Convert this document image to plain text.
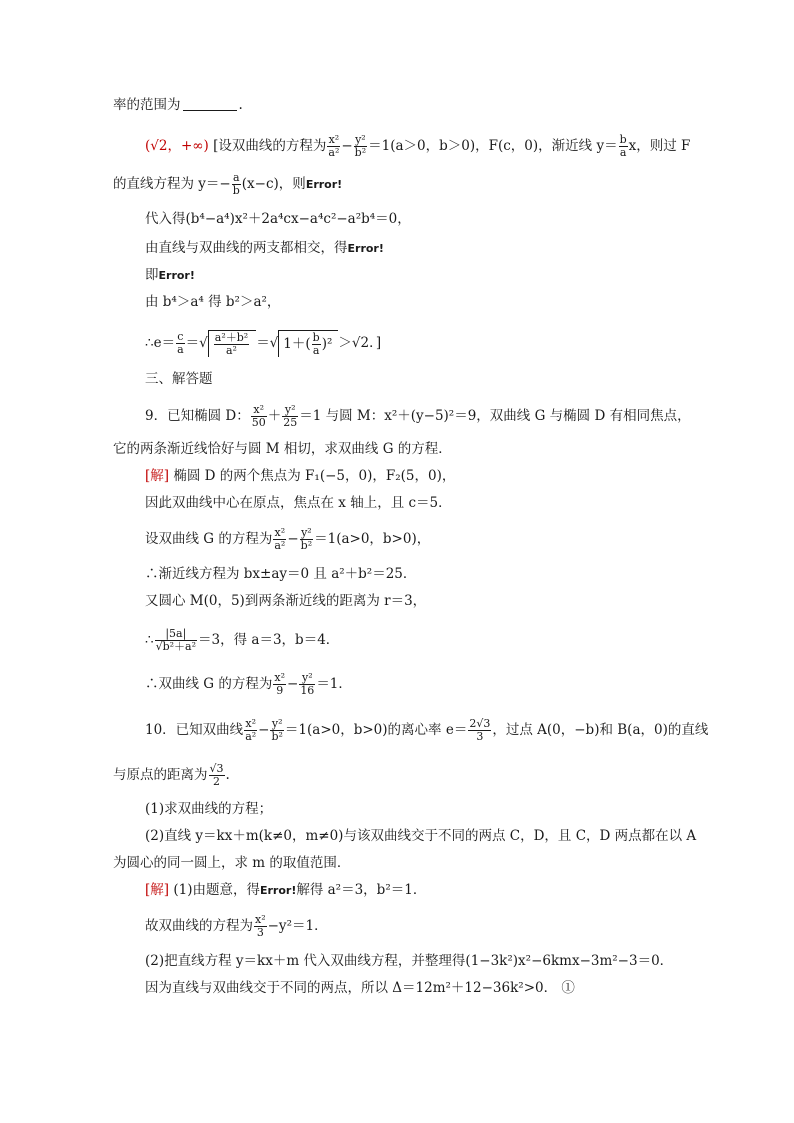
率的范围为	.
(√2，+∞) [设双曲线的方程为 $\frac{\text{x²}}{\text{a²}} - \frac{\text{y²}}{\text{b²}} =1(a>0$，b＞0)，F(c，0)，渐近线 $y= \frac{b}{a}$ x，则过 F
的直线方程为 $y=- \frac{a}{b} (x-c)$，则Error!
代入得(b⁴−a⁴)x²＋2a⁴cx−a⁴c²−a²b⁴＝0，
由直线与双曲线的两支都相交，得Error!
即Error!
由 b⁴＞a⁴ 得 b²＞a²，
∴e＝ $\frac{c}{a}$ ＝√ $\frac{\text{a²＋b²}}{\text{a²}}$ ＝√ $1+( \frac{b}{a} )^2 >√2$．]
三、解答题
9．已知椭圆 D： $\frac{\text{x²}}{50} + \frac{\text{y²}}{25} =1$ 与圆 M：x²＋(y−5)²＝9，双曲线 G 与椭圆 D 有相同焦点，
它的两条渐近线恰好与圆 M 相切，求双曲线 G 的方程．
[解] 椭圆 D 的两个焦点为 F₁(−5，0)，F₂(5，0)，
因此双曲线中心在原点，焦点在 x 轴上，且 c＝5．
设双曲线 G 的方程为 $\frac{\text{x²}}{\text{a²}} - \frac{\text{y²}}{\text{b²}} =1(a>0$，b>0)，
∴渐近线方程为 bx±ay＝0 且 a²＋b²＝25．
又圆心 M(0，5)到两条渐近线的距离为 r＝3，
∴ $\frac{|5a|}{\text{√b²＋a²}} =3$，得 a＝3，b＝4．
∴双曲线 G 的方程为 $\frac{\text{x²}}{9} - \frac{\text{y²}}{16} =1$．
10．已知双曲线 $\frac{\text{x²}}{\text{a²}} - \frac{\text{y²}}{\text{b²}} =1(a>0$，b>0)的离心率 $e= \frac{2√3}{3}$ ，过点 A(0，−b)和 B(a，0)的直线
与原点的距离为 $\frac{√3}{2}$ .
(1)求双曲线的方程；
(2)直线 y＝kx＋m(k≠0，m≠0)与该双曲线交于不同的两点 C，D，且 C，D 两点都在以 A
为圆心的同一圆上，求 m 的取值范围．
[解] (1)由题意，得Error!解得 a²＝3，b²＝1．
故双曲线的方程为 $\frac{\text{x²}}{3} -y^2=1$．
(2)把直线方程 y＝kx＋m 代入双曲线方程，并整理得(1−3k²)x²−6kmx−3m²−3＝0．
因为直线与双曲线交于不同的两点，所以 Δ＝12m²＋12−36k²>0． ①
